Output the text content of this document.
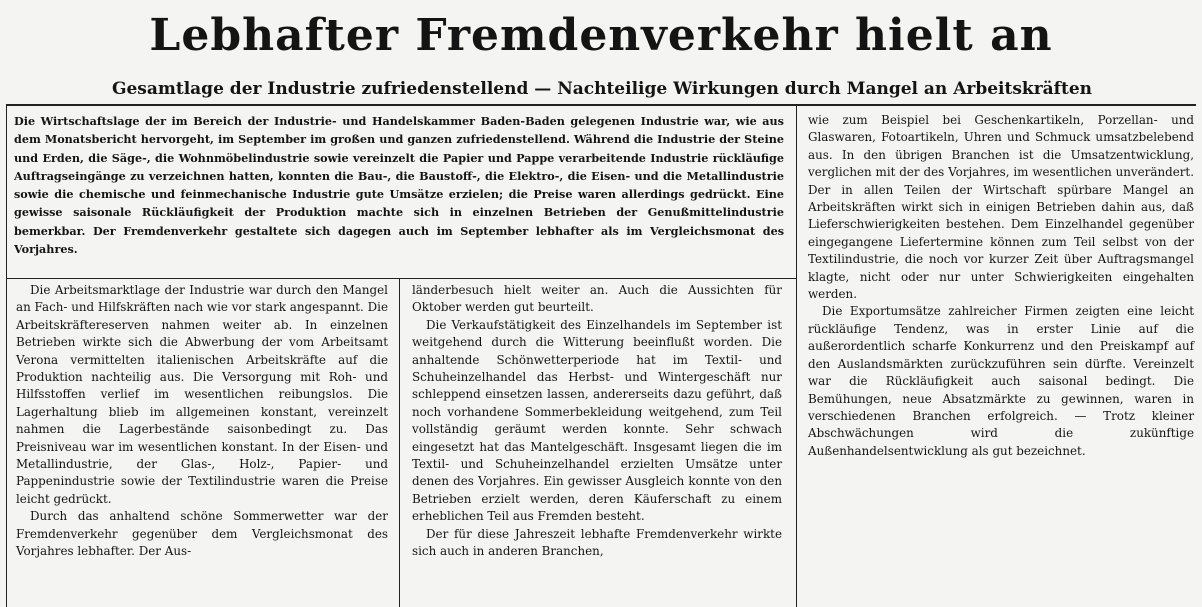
Lebhafter Fremdenverkehr hielt an
Gesamtlage der Industrie zufriedenstellend — Nachteilige Wirkungen durch Mangel an Arbeitskräften

Die Wirtschaftslage der im Bereich der Industrie- und Handelskammer Baden-Baden gelegenen Industrie war, wie aus dem Monatsbericht hervorgeht, im September im großen und ganzen zufriedenstellend. Während die Industrie der Steine und Erden, die Säge-, die Wohnmöbelindustrie sowie vereinzelt die Papier und Pappe verarbeitende Industrie rückläufige Auftragseingänge zu verzeichnen hatten, konnten die Bau-, die Baustoff-, die Elektro-, die Eisen- und die Metallindustrie sowie die chemische und feinmechanische Industrie gute Umsätze erzielen; die Preise waren allerdings gedrückt. Eine gewisse saisonale Rückläufigkeit der Produktion machte sich in einzelnen Betrieben der Genußmittelindustrie bemerkbar. Der Fremdenverkehr gestaltete sich dagegen auch im September lebhafter als im Vergleichsmonat des Vorjahres.

Die Arbeitsmarktlage der Industrie war durch den Mangel an Fach- und Hilfskräften nach wie vor stark angespannt. Die Arbeitskräftereserven nahmen weiter ab. In einzelnen Betrieben wirkte sich die Abwerbung der vom Arbeitsamt Verona vermittelten italienischen Arbeitskräfte auf die Produktion nachteilig aus. Die Versorgung mit Roh- und Hilfsstoffen verlief im wesentlichen reibungslos. Die Lagerhaltung blieb im allgemeinen konstant, vereinzelt nahmen die Lagerbestände saisonbedingt zu. Das Preisniveau war im wesentlichen konstant. In der Eisen- und Metallindustrie, der Glas-, Holz-, Papier- und Pappenindustrie sowie der Textilindustrie waren die Preise leicht gedrückt.

Durch das anhaltend schöne Sommerwetter war der Fremdenverkehr gegenüber dem Vergleichsmonat des Vorjahres lebhafter. Der Aus-

länderbesuch hielt weiter an. Auch die Aussichten für Oktober werden gut beurteilt.

Die Verkaufstätigkeit des Einzelhandels im September ist weitgehend durch die Witterung beeinflußt worden. Die anhaltende Schönwetterperiode hat im Textil- und Schuheinzelhandel das Herbst- und Wintergeschäft nur schleppend einsetzen lassen, andererseits dazu geführt, daß noch vorhandene Sommerbekleidung weitgehend, zum Teil vollständig geräumt werden konnte. Sehr schwach eingesetzt hat das Mantelgeschäft. Insgesamt liegen die im Textil- und Schuheinzelhandel erzielten Umsätze unter denen des Vorjahres. Ein gewisser Ausgleich konnte von den Betrieben erzielt werden, deren Käuferschaft zu einem erheblichen Teil aus Fremden besteht.

Der für diese Jahreszeit lebhafte Fremdenverkehr wirkte sich auch in anderen Branchen,

wie zum Beispiel bei Geschenkartikeln, Porzellan- und Glaswaren, Fotoartikeln, Uhren und Schmuck umsatzbelebend aus. In den übrigen Branchen ist die Umsatzentwicklung, verglichen mit der des Vorjahres, im wesentlichen unverändert. Der in allen Teilen der Wirtschaft spürbare Mangel an Arbeitskräften wirkt sich in einigen Betrieben dahin aus, daß Lieferschwierigkeiten bestehen. Dem Einzelhandel gegenüber eingegangene Liefertermine können zum Teil selbst von der Textilindustrie, die noch vor kurzer Zeit über Auftragsmangel klagte, nicht oder nur unter Schwierigkeiten eingehalten werden.

Die Exportumsätze zahlreicher Firmen zeigten eine leicht rückläufige Tendenz, was in erster Linie auf die außerordentlich scharfe Konkurrenz und den Preiskampf auf den Auslandsmärkten zurückzuführen sein dürfte. Vereinzelt war die Rückläufigkeit auch saisonal bedingt. Die Bemühungen, neue Absatzmärkte zu gewinnen, waren in verschiedenen Branchen erfolgreich. — Trotz kleiner Abschwächungen wird die zukünftige Außenhandelsentwicklung als gut bezeichnet.
